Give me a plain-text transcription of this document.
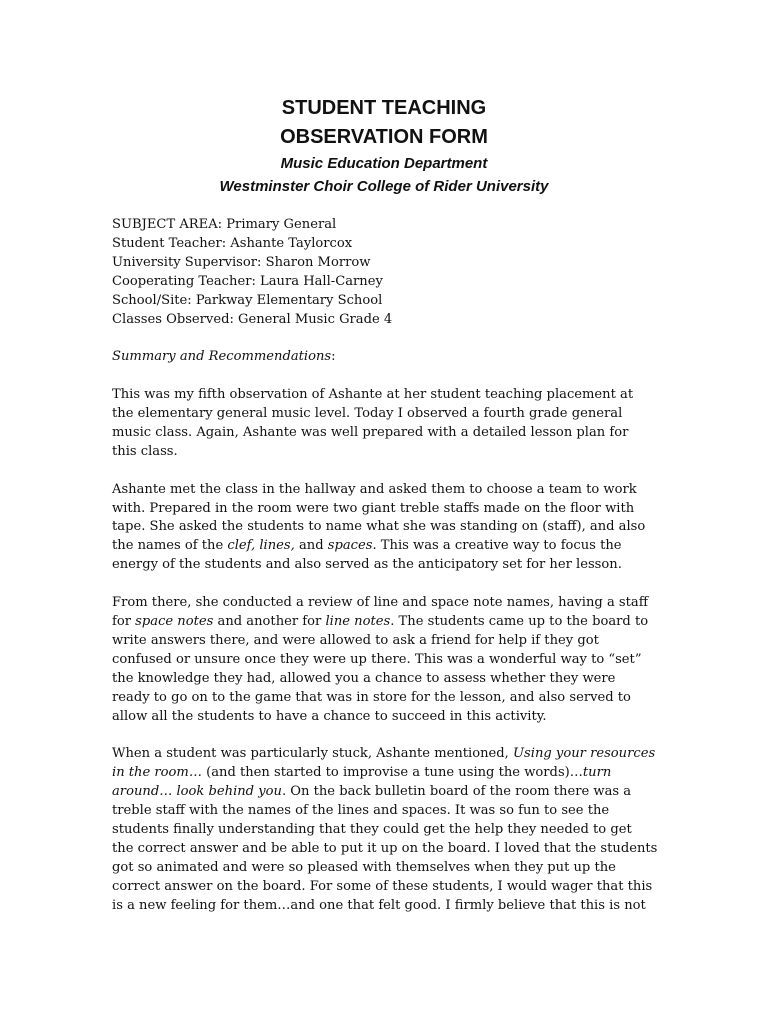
STUDENT TEACHING

OBSERVATION FORM

Music Education Department

Westminster Choir College of Rider University

SUBJECT AREA: Primary General

Student Teacher: Ashante Taylorcox

University Supervisor: Sharon Morrow

Cooperating Teacher: Laura Hall-Carney

School/Site: Parkway Elementary School

Classes Observed: General Music Grade 4

Summary and Recommendations:

This was my fifth observation of Ashante at her student teaching placement at
the elementary general music level. Today I observed a fourth grade general
music class. Again, Ashante was well prepared with a detailed lesson plan for
this class.
Ashante met the class in the hallway and asked them to choose a team to work
with. Prepared in the room were two giant treble staffs made on the floor with
tape. She asked the students to name what she was standing on (staff), and also
the names of the clef, lines, and spaces. This was a creative way to focus the
energy of the students and also served as the anticipatory set for her lesson.
From there, she conducted a review of line and space note names, having a staff
for space notes and another for line notes. The students came up to the board to
write answers there, and were allowed to ask a friend for help if they got
confused or unsure once they were up there. This was a wonderful way to “set”
the knowledge they had, allowed you a chance to assess whether they were
ready to go on to the game that was in store for the lesson, and also served to
allow all the students to have a chance to succeed in this activity.
When a student was particularly stuck, Ashante mentioned, Using your resources
in the room… (and then started to improvise a tune using the words)…turn
around… look behind you. On the back bulletin board of the room there was a
treble staff with the names of the lines and spaces. It was so fun to see the
students finally understanding that they could get the help they needed to get
the correct answer and be able to put it up on the board. I loved that the students
got so animated and were so pleased with themselves when they put up the
correct answer on the board. For some of these students, I would wager that this
is a new feeling for them…and one that felt good. I firmly believe that this is not
